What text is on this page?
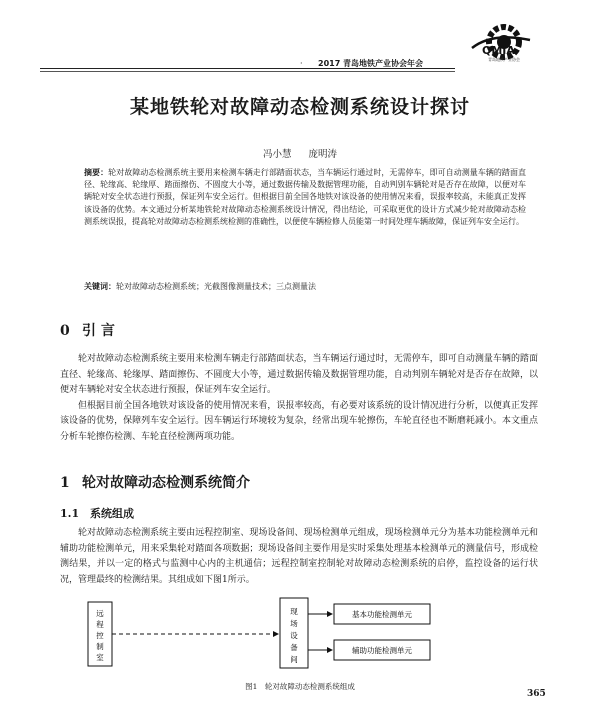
· 2017 青岛地铁产业协会年会
QMIA
青岛地铁产业协会
某地铁轮对故障动态检测系统设计探讨
冯小慧 庞明涛
摘要：轮对故障动态检测系统主要用来检测车辆走行部踏面状态，当车辆运行通过时，无需停车，即可自动测量车辆的踏面直径、轮缘高、轮缘厚、踏面擦伤、不圆度大小等，通过数据传输及数据管理功能，自动判别车辆轮对是否存在故障，以便对车辆轮对安全状态进行预报，保证列车安全运行。但根据目前全国各地铁对该设备的使用情况来看，误报率较高，未能真正发挥该设备的优势。本文通过分析某地铁轮对故障动态检测系统设计情况，得出结论，可采取更优的设计方式减少轮对故障动态检测系统误报，提高轮对故障动态检测系统检测的准确性，以便使车辆检修人员能第一时间处理车辆故障，保证列车安全运行。
关键词：轮对故障动态检测系统；光截图像测量技术；三点测量法
0 引 言

轮对故障动态检测系统主要用来检测车辆走行部踏面状态，当车辆运行通过时，无需停车，即可自动测量车辆的踏面直径、轮缘高、轮缘厚、踏面擦伤、不圆度大小等，通过数据传输及数据管理功能，自动判别车辆轮对是否存在故障，以便对车辆轮对安全状态进行预报，保证列车安全运行。

但根据目前全国各地铁对该设备的使用情况来看，误报率较高，有必要对该系统的设计情况进行分析，以便真正发挥该设备的优势，保障列车安全运行。因车辆运行环境较为复杂，经常出现车轮擦伤，车轮直径也不断磨耗减小。本文重点分析车轮擦伤检测、车轮直径检测两项功能。

1 轮对故障动态检测系统简介
1.1 系统组成

轮对故障动态检测系统主要由远程控制室、现场设备间、现场检测单元组成，现场检测单元分为基本功能检测单元和辅助功能检测单元，用来采集轮对踏面各项数据；现场设备间主要作用是实时采集处理基本检测单元的测量信号，形成检测结果，并以一定的格式与监测中心内的主机通信；远程控制室控制轮对故障动态检测系统的启停，监控设备的运行状况，管理最终的检测结果。其组成如下图1所示。

远程控制室
现场设备间
基本功能检测单元
辅助功能检测单元
图1　轮对故障动态检测系统组成
365
